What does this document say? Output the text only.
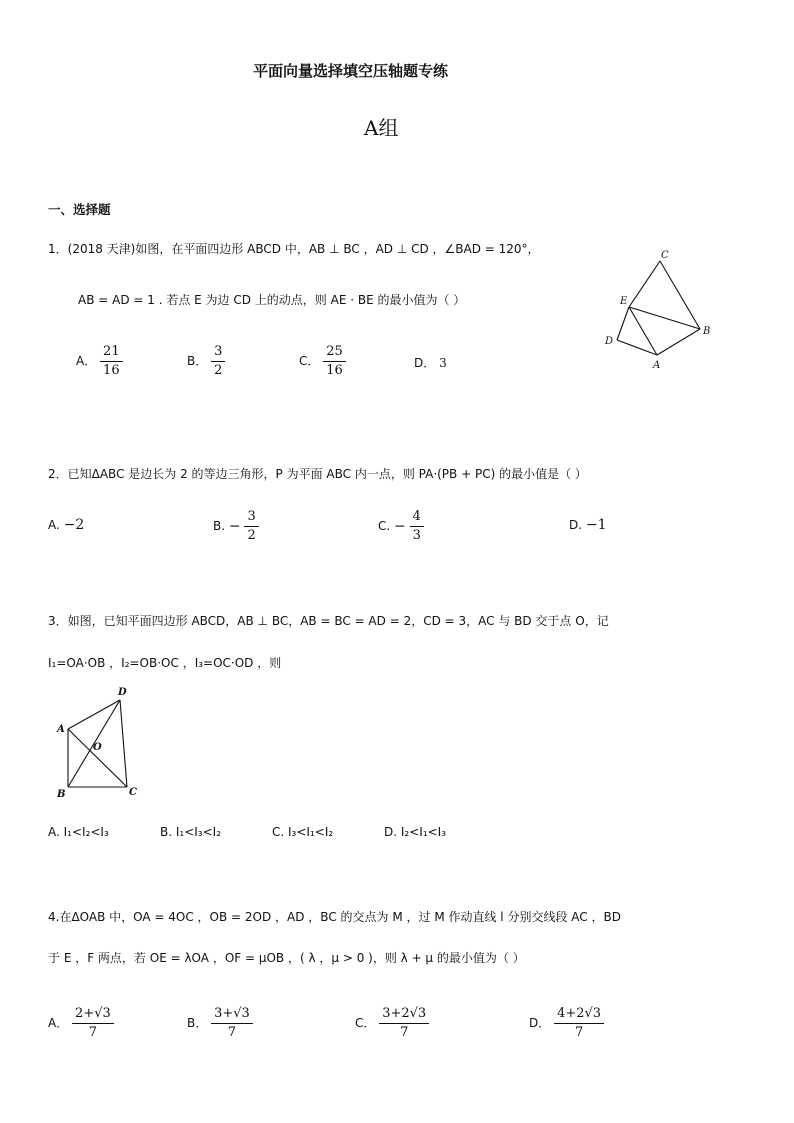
平面向量选择填空压轴题专练
A组
一、选择题
1．(2018 天津)如图，在平面四边形 ABCD 中，AB ⊥ BC ，AD ⊥ CD ，∠BAD = 120°，
AB = AD = 1 . 若点 E 为边 CD 上的动点，则 AE · BE 的最小值为（ ）
A． $\frac{21}{16}$	B． $\frac{3}{2}$	C． $\frac{25}{16}$	D． 3
C
E
B
D
A
2．已知ΔABC 是边长为 2 的等边三角形，P 为平面 ABC 内一点，则 PA·(PB + PC) 的最小值是（ ）
A. −2	B. − $\frac{3}{2}$	C. − $\frac{4}{3}$	D. −1
3．如图，已知平面四边形 ABCD，AB ⊥ BC，AB = BC = AD = 2，CD = 3，AC 与 BD 交于点 O，记
I₁=OA·OB ，I₂=OB·OC ，I₃=OC·OD ，则
D
A
O
B	C
A. I₁<I₂<I₃	B. I₁<I₃<I₂	C. I₃<I₁<I₂	D. I₂<I₁<I₃
4.在ΔOAB 中，OA = 4OC ，OB = 2OD ，AD ，BC 的交点为 M ，过 M 作动直线 l 分别交线段 AC ，BD
于 E ，F 两点，若 OE = λOA ，OF = μOB ，( λ ，μ > 0 )，则 λ + μ 的最小值为（ ）
A． $\frac{2+√3}{7}$	B． $\frac{3+√3}{7}$	C． $\frac{3+2√3}{7}$	D． $\frac{4+2√3}{7}$
